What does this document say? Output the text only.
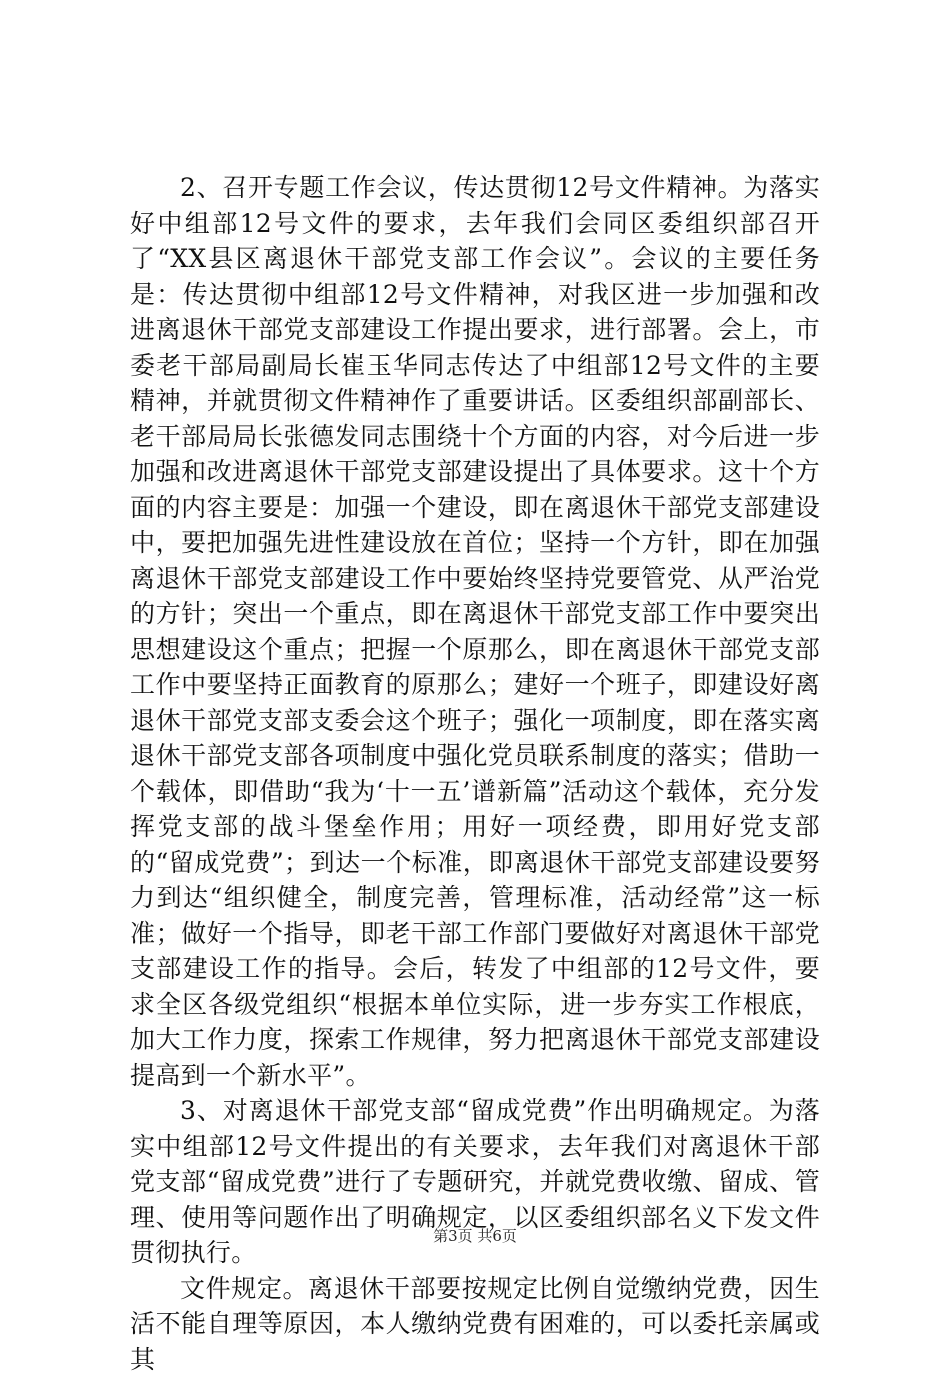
2、召开专题工作会议，传达贯彻12号文件精神。为落实好中组部12号文件的要求，去年我们会同区委组织部召开了“XX县区离退休干部党支部工作会议”。会议的主要任务是：传达贯彻中组部12号文件精神，对我区进一步加强和改进离退休干部党支部建设工作提出要求，进行部署。会上，市委老干部局副局长崔玉华同志传达了中组部12号文件的主要精神，并就贯彻文件精神作了重要讲话。区委组织部副部长、老干部局局长张德发同志围绕十个方面的内容，对今后进一步加强和改进离退休干部党支部建设提出了具体要求。这十个方面的内容主要是：加强一个建设，即在离退休干部党支部建设中，要把加强先进性建设放在首位；坚持一个方针，即在加强离退休干部党支部建设工作中要始终坚持党要管党、从严治党的方针；突出一个重点，即在离退休干部党支部工作中要突出思想建设这个重点；把握一个原那么，即在离退休干部党支部工作中要坚持正面教育的原那么；建好一个班子，即建设好离退休干部党支部支委会这个班子；强化一项制度，即在落实离退休干部党支部各项制度中强化党员联系制度的落实；借助一个载体，即借助“我为‘十一五’谱新篇”活动这个载体，充分发挥党支部的战斗堡垒作用；用好一项经费，即用好党支部的“留成党费”；到达一个标准，即离退休干部党支部建设要努力到达“组织健全，制度完善，管理标准，活动经常”这一标准；做好一个指导，即老干部工作部门要做好对离退休干部党支部建设工作的指导。会后，转发了中组部的12号文件，要求全区各级党组织“根据本单位实际，进一步夯实工作根底，加大工作力度，探索工作规律，努力把离退休干部党支部建设提高到一个新水平”。

3、对离退休干部党支部“留成党费”作出明确规定。为落实中组部12号文件提出的有关要求，去年我们对离退休干部党支部“留成党费”进行了专题研究，并就党费收缴、留成、管理、使用等问题作出了明确规定，以区委组织部名义下发文件贯彻执行。

文件规定。离退休干部要按规定比例自觉缴纳党费，因生活不能自理等原因，本人缴纳党费有困难的，可以委托亲属或其

第3页 共6页
